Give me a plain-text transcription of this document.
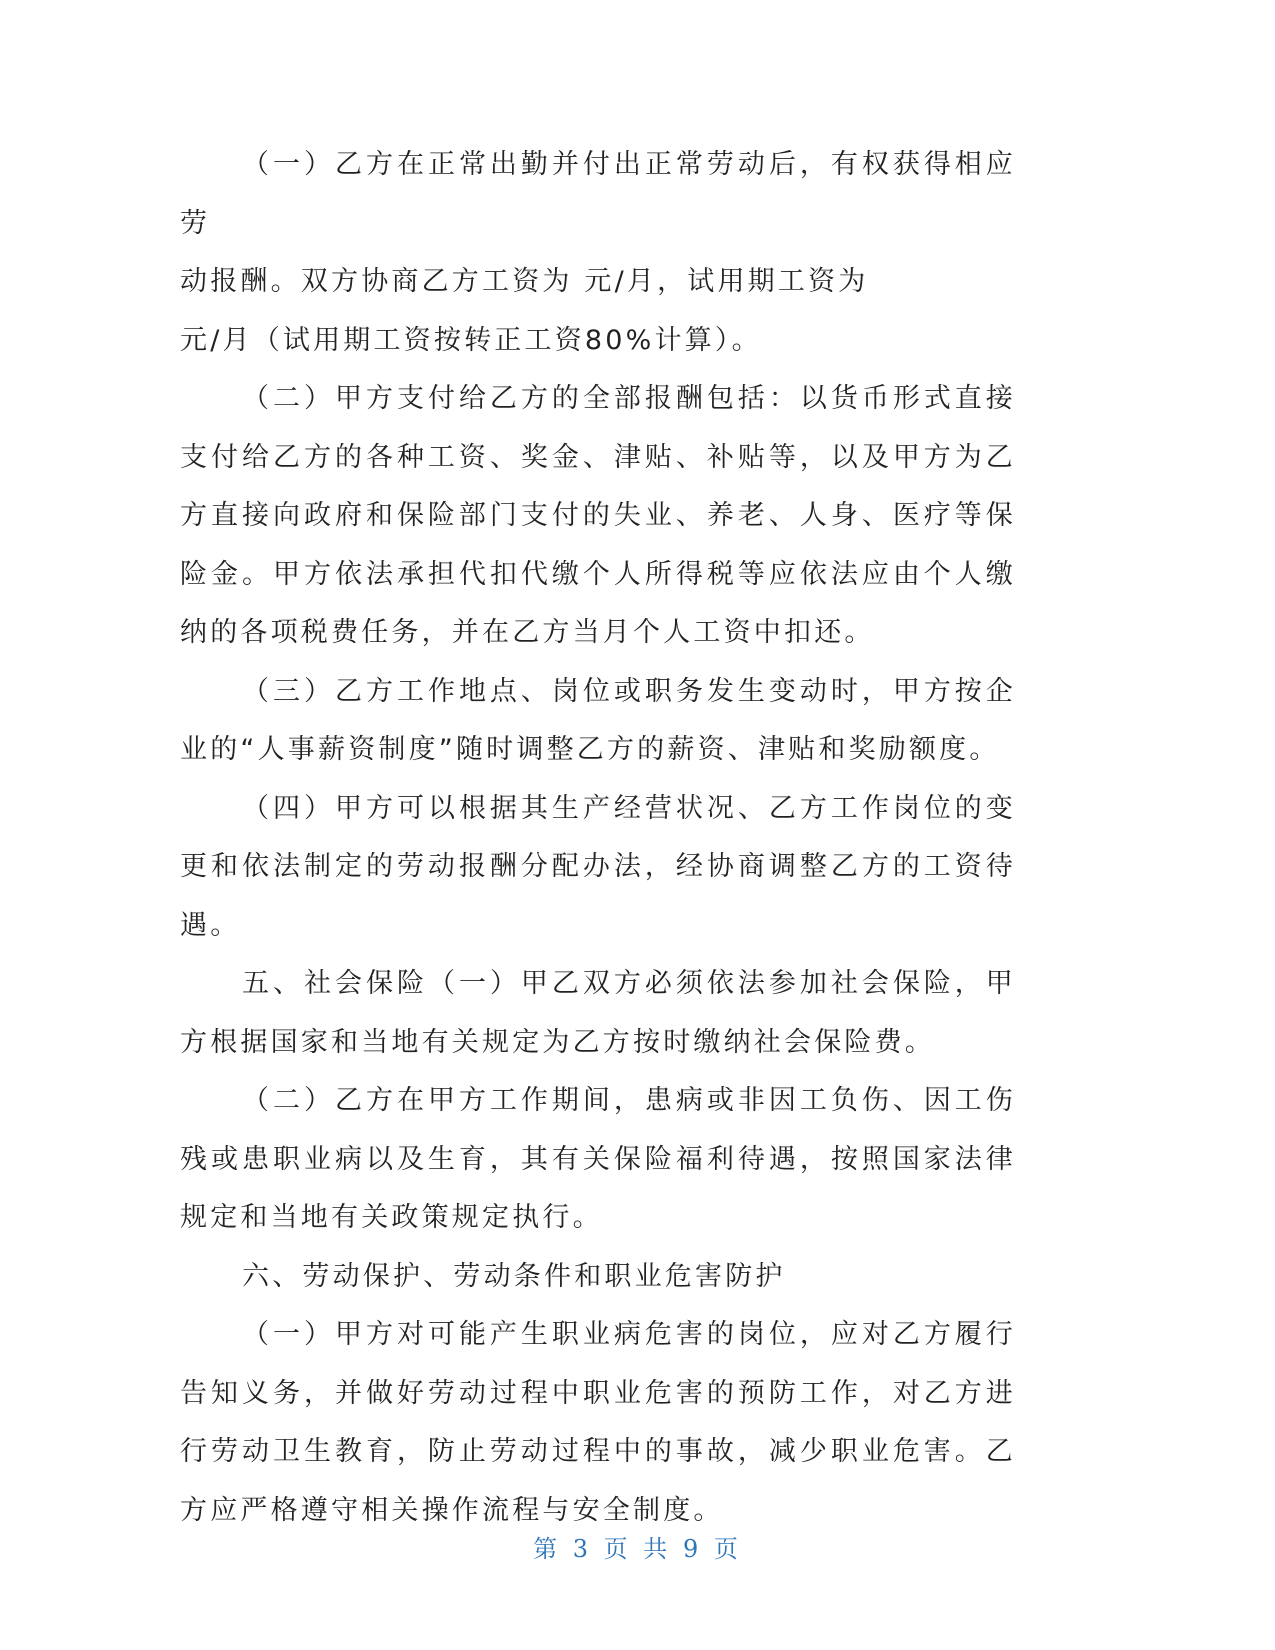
（一）乙方在正常出勤并付出正常劳动后，有权获得相应劳
动报酬。双方协商乙方工资为 元/月，试用期工资为
元/月（试用期工资按转正工资80%计算）。

（二）甲方支付给乙方的全部报酬包括：以货币形式直接支付给乙方的各种工资、奖金、津贴、补贴等，以及甲方为乙方直接向政府和保险部门支付的失业、养老、人身、医疗等保险金。甲方依法承担代扣代缴个人所得税等应依法应由个人缴纳的各项税费任务，并在乙方当月个人工资中扣还。

（三）乙方工作地点、岗位或职务发生变动时，甲方按企业的“人事薪资制度”随时调整乙方的薪资、津贴和奖励额度。

（四）甲方可以根据其生产经营状况、乙方工作岗位的变更和依法制定的劳动报酬分配办法，经协商调整乙方的工资待遇。

五、社会保险（一）甲乙双方必须依法参加社会保险，甲方根据国家和当地有关规定为乙方按时缴纳社会保险费。

（二）乙方在甲方工作期间，患病或非因工负伤、因工伤残或患职业病以及生育，其有关保险福利待遇，按照国家法律规定和当地有关政策规定执行。

六、劳动保护、劳动条件和职业危害防护

（一）甲方对可能产生职业病危害的岗位，应对乙方履行告知义务，并做好劳动过程中职业危害的预防工作，对乙方进行劳动卫生教育，防止劳动过程中的事故，减少职业危害。乙方应严格遵守相关操作流程与安全制度。

第 3 页 共 9 页
